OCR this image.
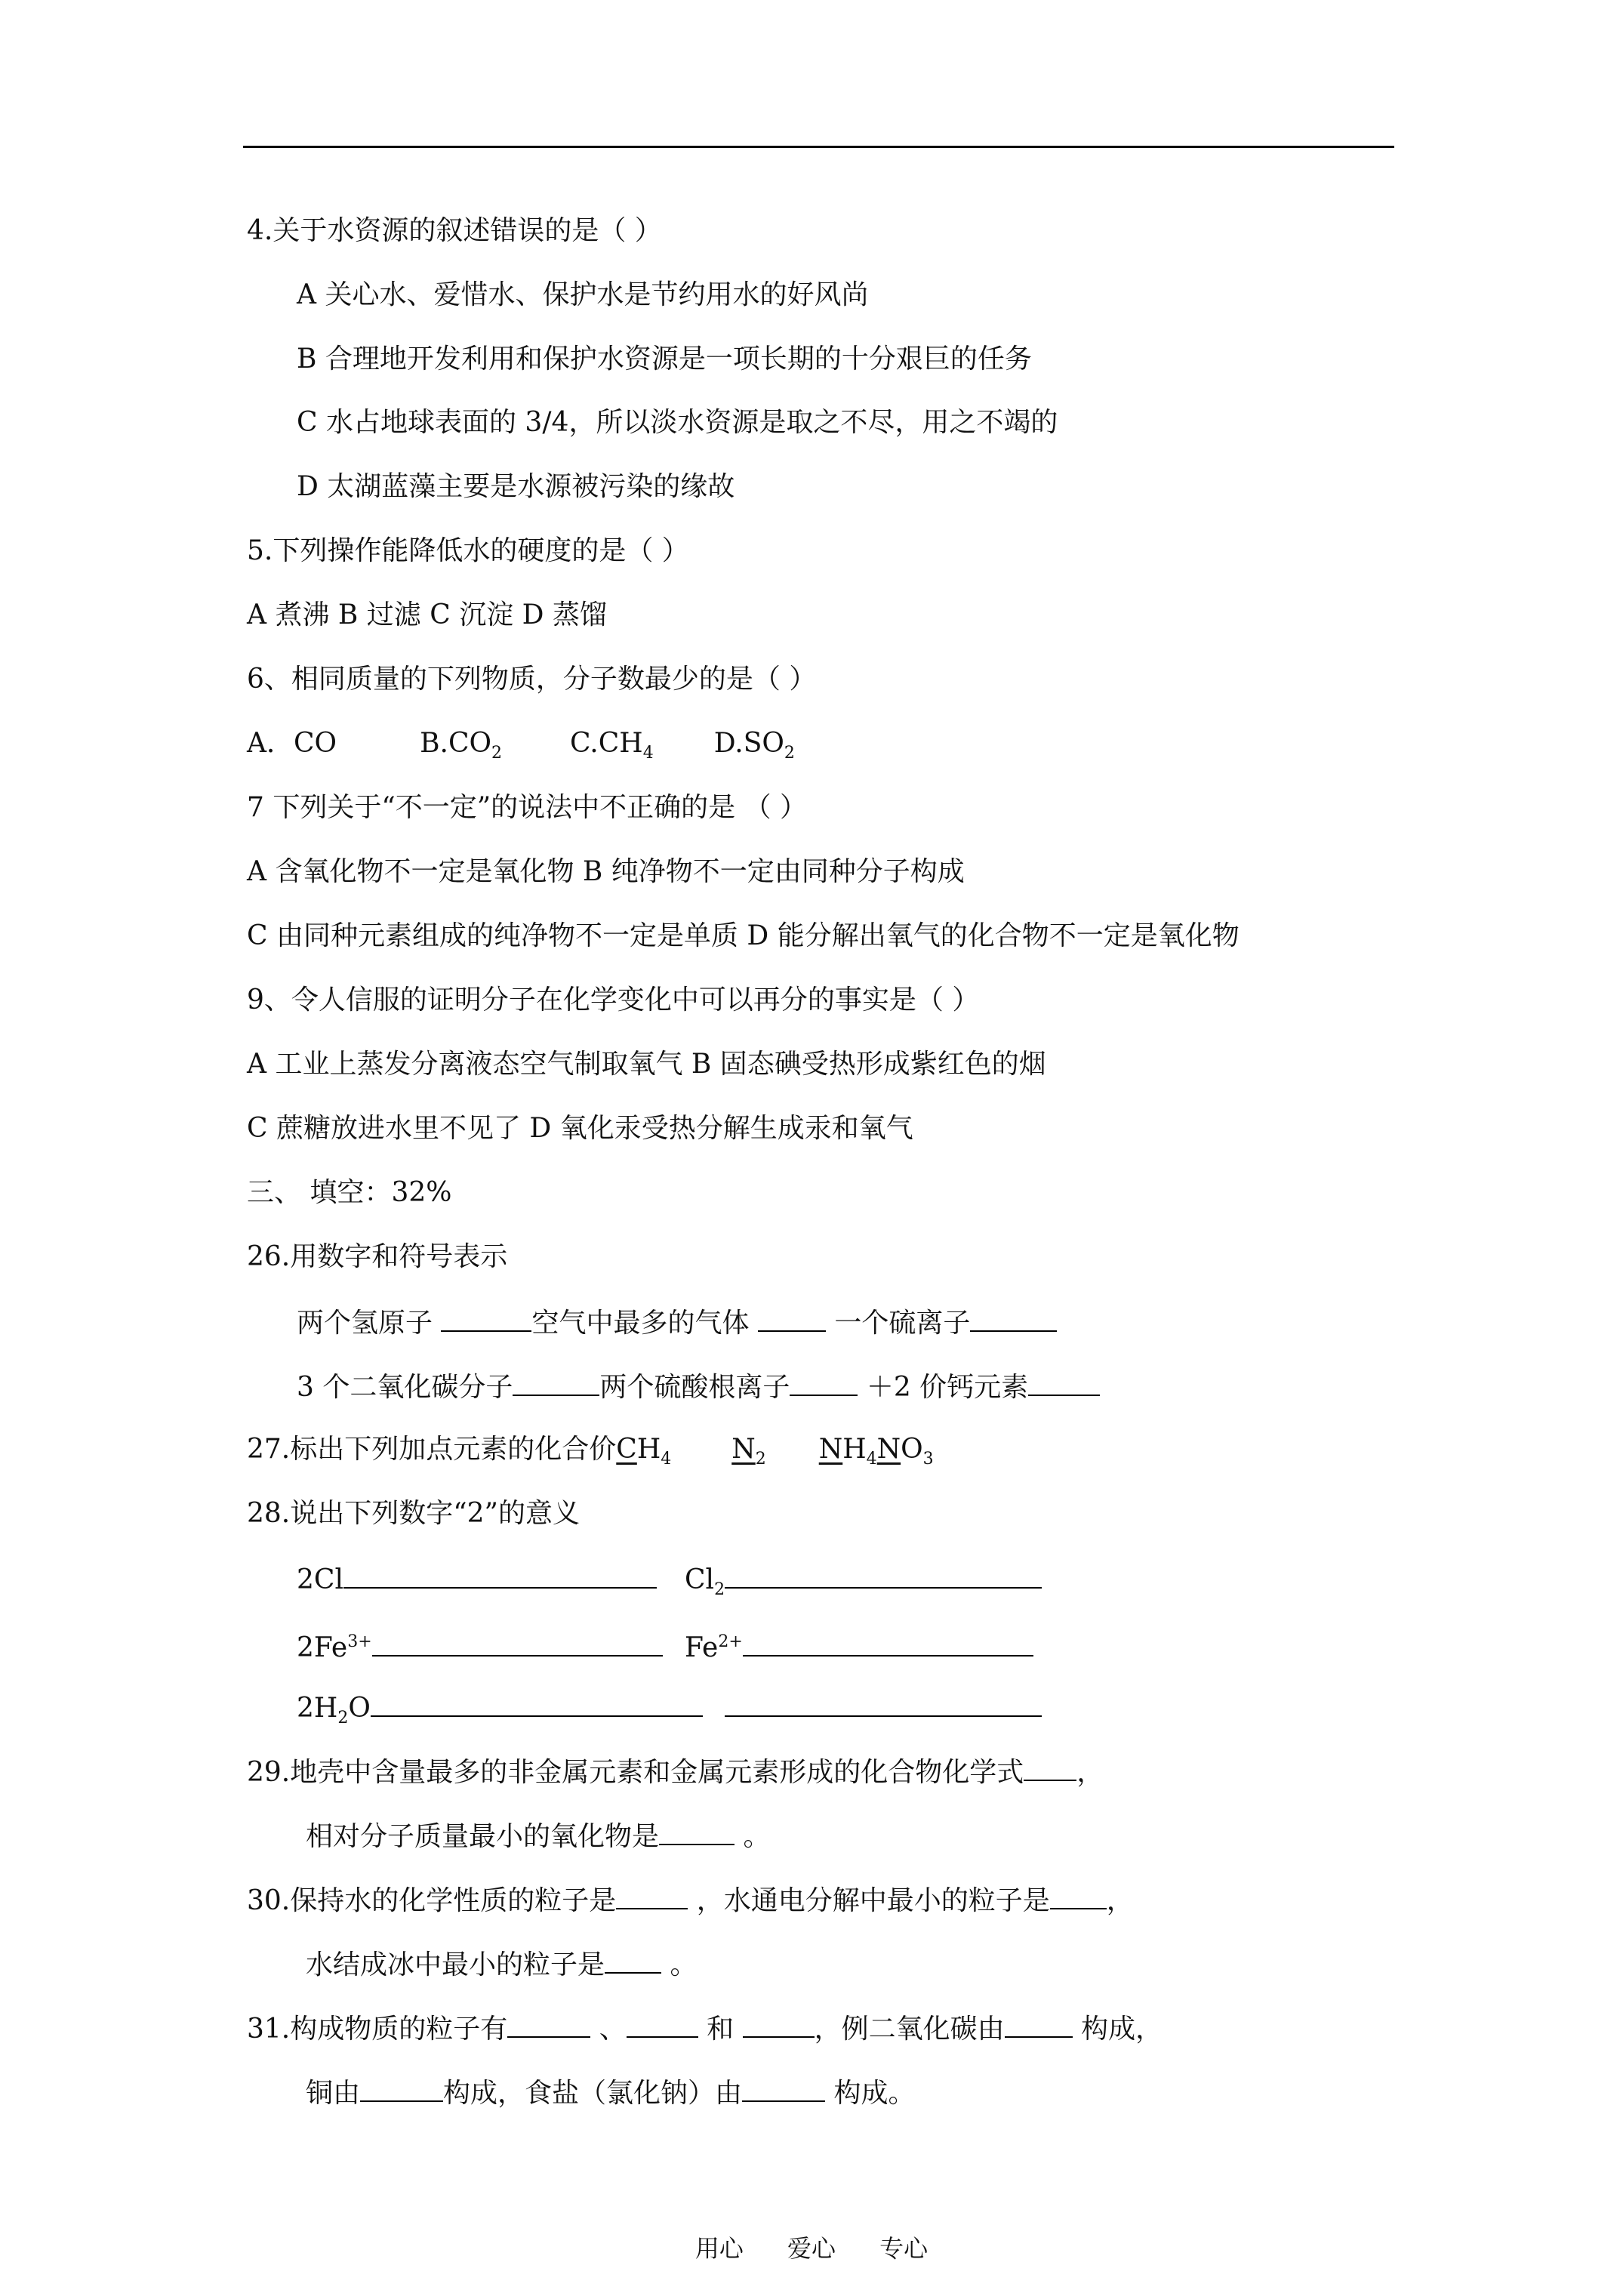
4.关于水资源的叙述错误的是（ ）
A 关心水、爱惜水、保护水是节约用水的好风尚
B 合理地开发利用和保护水资源是一项长期的十分艰巨的任务
C 水占地球表面的 3/4，所以淡水资源是取之不尽，用之不竭的
D 太湖蓝藻主要是水源被污染的缘故
5.下列操作能降低水的硬度的是（ ）
A 煮沸 B 过滤 C 沉淀 D 蒸馏
6、相同质量的下列物质，分子数最少的是（ ）
A．CO	$B.CO_2$	$C.CH_4$ $D.SO_2$
7 下列关于“不一定”的说法中不正确的是 （ ）
A 含氧化物不一定是氧化物 B 纯净物不一定由同种分子构成
C 由同种元素组成的纯净物不一定是单质 D 能分解出氧气的化合物不一定是氧化物
9、令人信服的证明分子在化学变化中可以再分的事实是（ ）
A 工业上蒸发分离液态空气制取氧气 B 固态碘受热形成紫红色的烟
C 蔗糖放进水里不见了 D 氧化汞受热分解生成汞和氧气
三、 填空：32%
26.用数字和符号表示
两个氢原子	空气中最多的气体	一个硫离子
3 个二氧化碳分子	两个硫酸根离子	＋2 价钙元素
27.标出下列加点元素的化合价$CH_4$ $N_2$ $NH_4NO_3$
28.说出下列数字“2”的意义
2Cl	$Cl_2$
$2Fe^{3+}$	$Fe^{2+}$
$2H_2O$
29.地壳中含量最多的非金属元素和金属元素形成的化合物化学式 ，
相对分子质量最小的氧化物是	。
30.保持水的化学性质的粒子是	，水通电分解中最小的粒子是 ，
水结成冰中最小的粒子是 。
31.构成物质的粒子有	、	和	，例二氧化碳由	构成，
铜由	构成，食盐（氯化钠）由	构成。
用心 爱心 专心
